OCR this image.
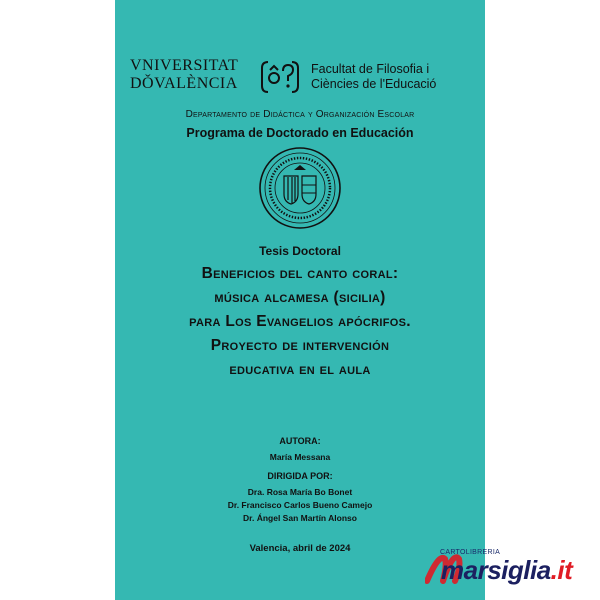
VNIVERSITAT
DǑVALÈNCIA
Facultat de Filosofia i
Ciències de l'Educació
Departamento de Didáctica y Organización Escolar
Programa de Doctorado en Educación
Tesis Doctoral
Beneficios del canto coral:
música alcamesa (sicilia)
para Los Evangelios apócrifos.
Proyecto de intervención
educativa en el aula
AUTORA:
María Messana
DIRIGIDA POR:
Dra. Rosa María Bo Bonet
Dr. Francisco Carlos Bueno Camejo
Dr. Ángel San Martín Alonso
Valencia, abril de 2024	CARTOLIBRERIA
marsiglia.it
